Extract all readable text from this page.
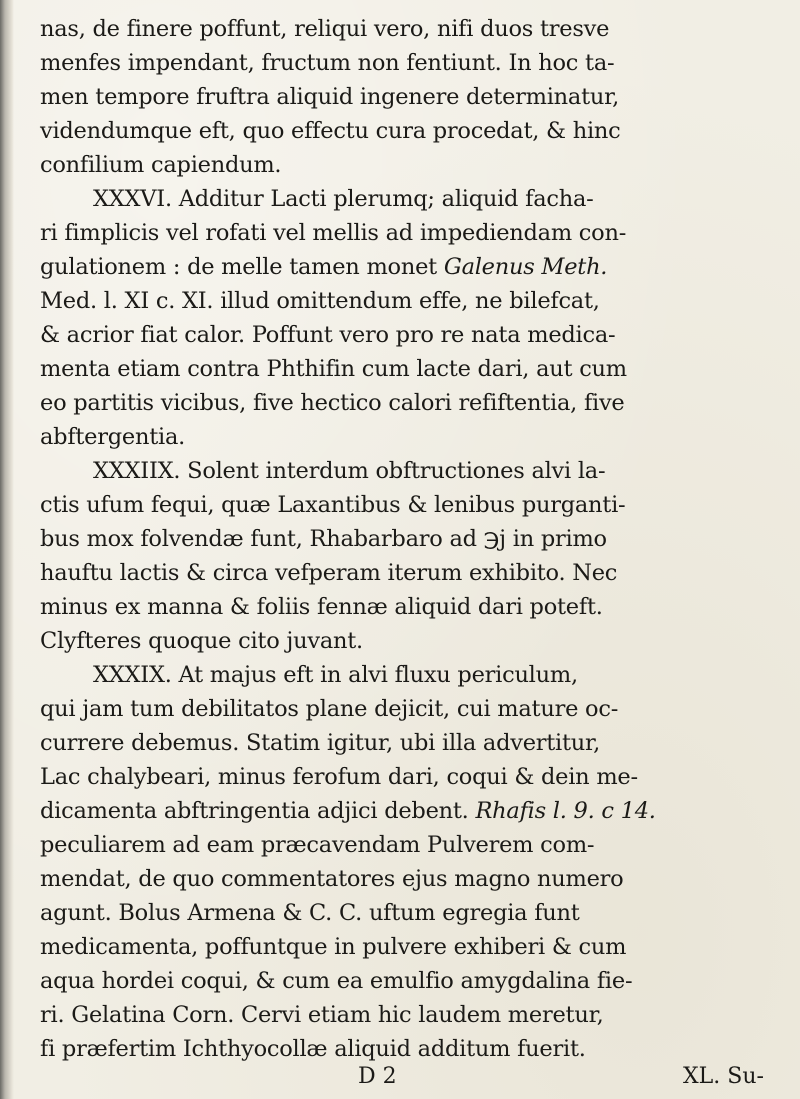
nas, de finere poffunt, reliqui vero, nifi duos tresve
menfes impendant, fructum non fentiunt. In hoc ta-
men tempore fruftra aliquid ingenere determinatur,
videndumque eft, quo effectu cura procedat, & hinc
confilium capiendum.
XXXVI. Additur Lacti plerumq; aliquid facha-
ri fimplicis vel rofati vel mellis ad impediendam con-
gulationem : de melle tamen monet Galenus Meth.
Med. l. XI c. XI. illud omittendum effe, ne bilefcat,
& acrior fiat calor. Poffunt vero pro re nata medica-
menta etiam contra Phthifin cum lacte dari, aut cum
eo partitis vicibus, five hectico calori refiftentia, five
abftergentia.
XXXIIX. Solent interdum obftructiones alvi la-
ctis ufum fequi, quæ Laxantibus & lenibus purganti-
bus mox folvendæ funt, Rhabarbaro ad ℈j in primo
hauftu lactis & circa vefperam iterum exhibito. Nec
minus ex manna & foliis fennæ aliquid dari poteft.
Clyfteres quoque cito juvant.
XXXIX. At majus eft in alvi fluxu periculum,
qui jam tum debilitatos plane dejicit, cui mature oc-
currere debemus. Statim igitur, ubi illa advertitur,
Lac chalybeari, minus ferofum dari, coqui & dein me-
dicamenta abftringentia adjici debent. Rhafis l. 9. c 14.
peculiarem ad eam præcavendam Pulverem com-
mendat, de quo commentatores ejus magno numero
agunt. Bolus Armena & C. C. uftum egregia funt
medicamenta, poffuntque in pulvere exhiberi & cum
aqua hordei coqui, & cum ea emulfio amygdalina fie-
ri. Gelatina Corn. Cervi etiam hic laudem meretur,
fi præfertim Ichthyocollæ aliquid additum fuerit.
D 2	XL. Su-
